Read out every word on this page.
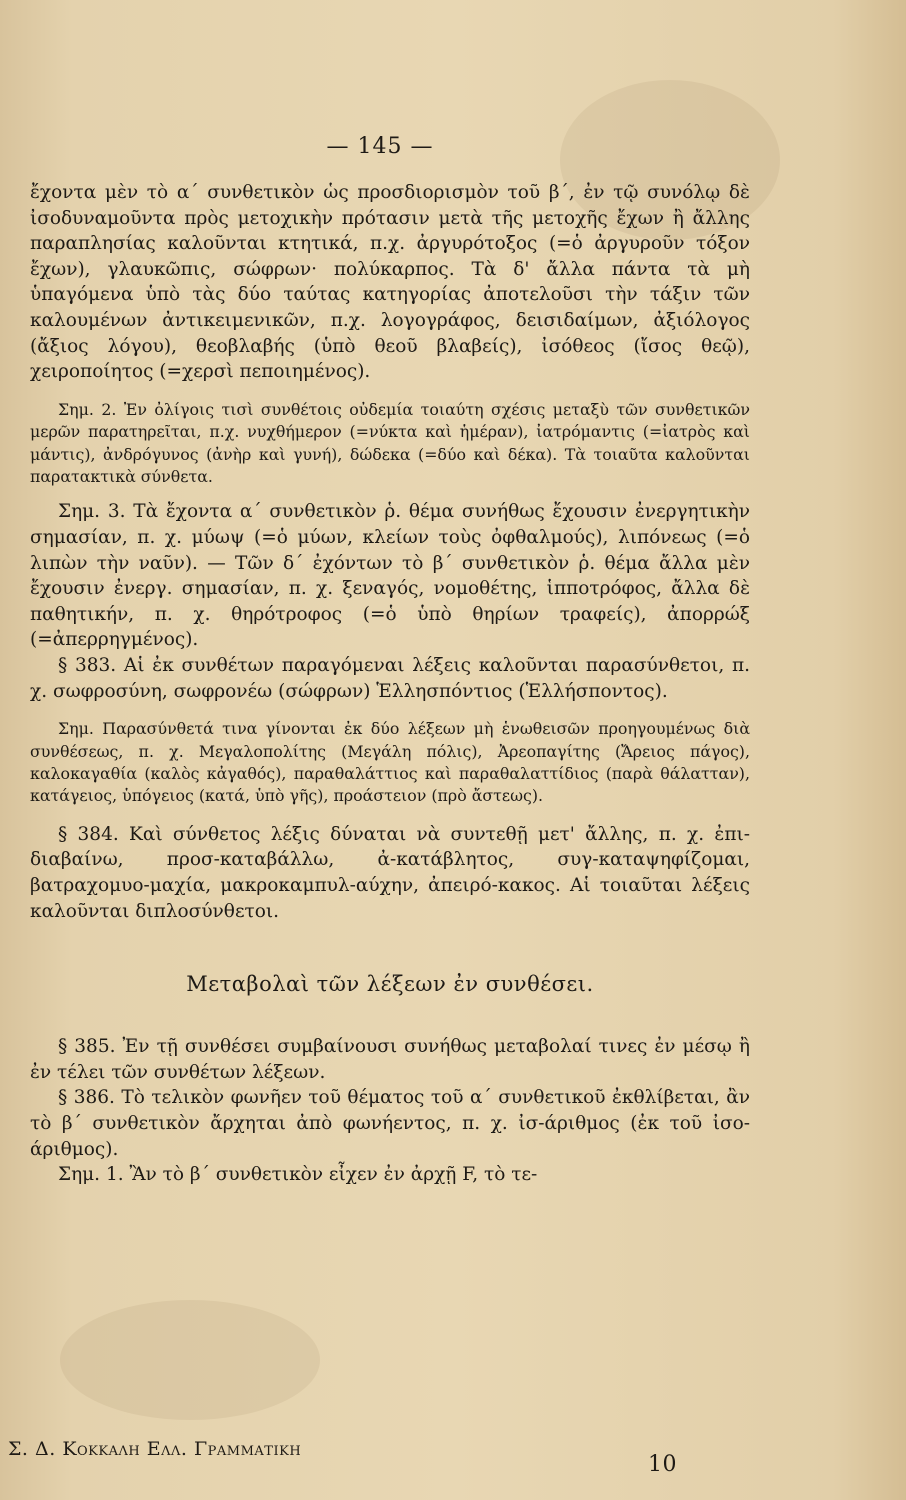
— 145 —

ἔχοντα μὲν τὸ α΄ συνθετικὸν ὡς προσδιορισμὸν τοῦ β΄, ἐν τῷ συνόλῳ δὲ ἰσοδυναμοῦντα πρὸς μετοχικὴν πρότασιν μετὰ τῆς μετοχῆς ἔχων ἢ ἄλλης παραπλησίας καλοῦνται κτητικά, π.χ. ἀργυρότοξος (=ὁ ἀργυροῦν τόξον ἔχων), γλαυκῶπις, σώφρων· πολύκαρπος. Τὰ δ' ἄλλα πάντα τὰ μὴ ὑπαγόμενα ὑπὸ τὰς δύο ταύτας κατηγορίας ἀποτελοῦσι τὴν τάξιν τῶν καλουμένων ἀντικειμενικῶν, π.χ. λογογράφος, δεισιδαίμων, ἀξιόλογος (ἄξιος λόγου), θεοβλαβής (ὑπὸ θεοῦ βλαβείς), ἰσόθεος (ἴσος θεῷ), χειροποίητος (=χερσὶ πεποιημένος).

Σημ. 2. Ἐν ὀλίγοις τισὶ συνθέτοις οὐδεμία τοιαύτη σχέσις μεταξὺ τῶν συνθετικῶν μερῶν παρατηρεῖται, π.χ. νυχθήμερον (=νύκτα καὶ ἡμέραν), ἰατρόμαντις (=ἰατρὸς καὶ μάντις), ἀνδρόγυνος (ἀνὴρ καὶ γυνή), δώδεκα (=δύο καὶ δέκα). Τὰ τοιαῦτα καλοῦνται παρατακτικὰ σύνθετα.

Σημ. 3. Τὰ ἔχοντα α΄ συνθετικὸν ῥ. θέμα συνήθως ἔχουσιν ἐνεργητικὴν σημασίαν, π. χ. μύωψ (=ὁ μύων, κλείων τοὺς ὀφθαλμούς), λιπόνεως (=ὁ λιπὼν τὴν ναῦν). — Τῶν δ΄ ἐχόντων τὸ β΄ συνθετικὸν ῥ. θέμα ἄλλα μὲν ἔχουσιν ἐνεργ. σημασίαν, π. χ. ξεναγός, νομοθέτης, ἱπποτρόφος, ἄλλα δὲ παθητικήν, π. χ. θηρότροφος (=ὁ ὑπὸ θηρίων τραφείς), ἀπορρώξ (=ἀπερρηγμένος).

§ 383. Αἱ ἐκ συνθέτων παραγόμεναι λέξεις καλοῦνται παρασύνθετοι, π. χ. σωφροσύνη, σωφρονέω (σώφρων) Ἑλλησπόντιος (Ἑλλήσποντος).

Σημ. Παρασύνθετά τινα γίνονται ἐκ δύο λέξεων μὴ ἑνωθεισῶν προηγουμένως διὰ συνθέσεως, π. χ. Μεγαλοπολίτης (Μεγάλη πόλις), Ἀρεοπαγίτης (Ἄρειος πάγος), καλοκαγαθία (καλὸς κἀγαθός), παραθαλάττιος καὶ παραθαλαττίδιος (παρὰ θάλατταν), κατάγειος, ὑπόγειος (κατά, ὑπὸ γῆς), προάστειον (πρὸ ἄστεως).

§ 384. Καὶ σύνθετος λέξις δύναται νὰ συντεθῇ μετ' ἄλλης, π. χ. ἐπι-διαβαίνω, προσ-καταβάλλω, ἀ-κατάβλητος, συγ-καταψηφίζομαι, βατραχομυο-μαχία, μακροκαμπυλ-αύχην, ἀπειρό-κακος. Αἱ τοιαῦται λέξεις καλοῦνται διπλοσύνθετοι.

Μεταβολαὶ τῶν λέξεων ἐν συνθέσει.

§ 385. Ἐν τῇ συνθέσει συμβαίνουσι συνήθως μεταβολαί τινες ἐν μέσῳ ἢ ἐν τέλει τῶν συνθέτων λέξεων.

§ 386. Τὸ τελικὸν φωνῆεν τοῦ θέματος τοῦ α΄ συνθετικοῦ ἐκθλίβεται, ἂν τὸ β΄ συνθετικὸν ἄρχηται ἀπὸ φωνήεντος, π. χ. ἰσ-άριθμος (ἐκ τοῦ ἰσο-άριθμος).

Σημ. 1. Ἂν τὸ β΄ συνθετικὸν εἶχεν ἐν ἀρχῇ F, τὸ τε-

Σ. Δ. Κοκκαλη Ελλ. Γραμματικη
10
